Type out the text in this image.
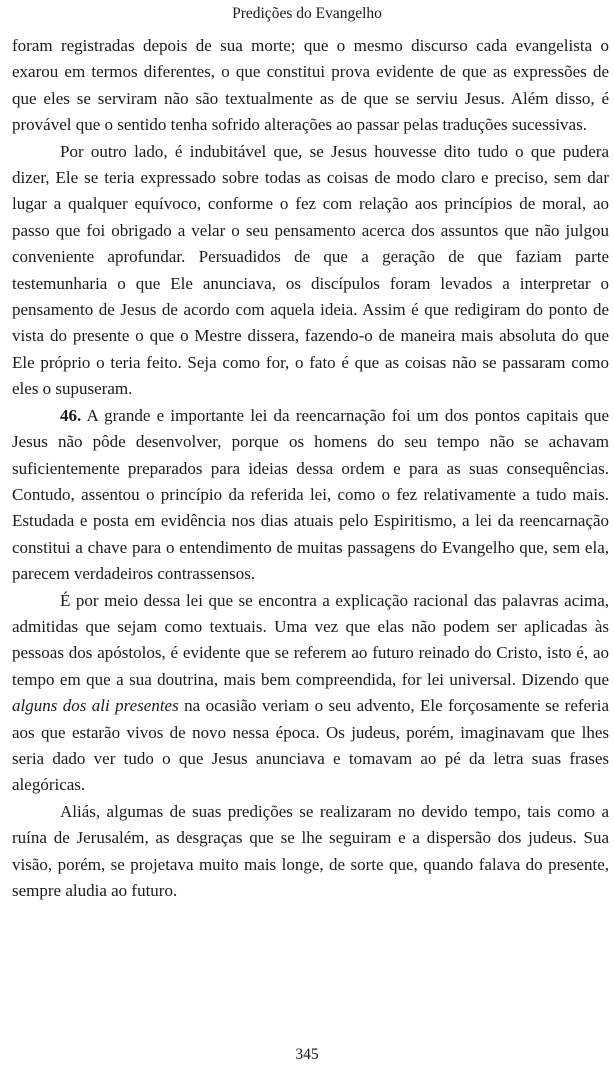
Predições do Evangelho

foram registradas depois de sua morte; que o mesmo discurso cada evangelista o exarou em termos diferentes, o que constitui prova evidente de que as expressões de que eles se serviram não são textualmente as de que se serviu Jesus. Além disso, é provável que o sentido tenha sofrido alterações ao passar pelas traduções sucessivas.

Por outro lado, é indubitável que, se Jesus houvesse dito tudo o que pudera dizer, Ele se teria expressado sobre todas as coisas de modo claro e preciso, sem dar lugar a qualquer equívoco, conforme o fez com relação aos princípios de moral, ao passo que foi obrigado a velar o seu pensamento acerca dos assuntos que não julgou conveniente aprofundar. Persuadidos de que a geração de que faziam parte testemunharia o que Ele anunciava, os discípulos foram levados a interpretar o pensamento de Jesus de acordo com aquela ideia. Assim é que redigiram do ponto de vista do presente o que o Mestre dissera, fazendo-o de maneira mais absoluta do que Ele próprio o teria feito. Seja como for, o fato é que as coisas não se passaram como eles o supuseram.

46. A grande e importante lei da reencarnação foi um dos pontos capitais que Jesus não pôde desenvolver, porque os homens do seu tempo não se achavam suficientemente preparados para ideias dessa ordem e para as suas consequências. Contudo, assentou o princípio da referida lei, como o fez relativamente a tudo mais. Estudada e posta em evidência nos dias atuais pelo Espiritismo, a lei da reencarnação constitui a chave para o entendimento de muitas passagens do Evangelho que, sem ela, parecem verdadeiros contrassensos.

É por meio dessa lei que se encontra a explicação racional das palavras acima, admitidas que sejam como textuais. Uma vez que elas não podem ser aplicadas às pessoas dos apóstolos, é evidente que se referem ao futuro reinado do Cristo, isto é, ao tempo em que a sua doutrina, mais bem compreendida, for lei universal. Dizendo que alguns dos ali presentes na ocasião veriam o seu advento, Ele forçosamente se referia aos que estarão vivos de novo nessa época. Os judeus, porém, imaginavam que lhes seria dado ver tudo o que Jesus anunciava e tomavam ao pé da letra suas frases alegóricas.

Aliás, algumas de suas predições se realizaram no devido tempo, tais como a ruína de Jerusalém, as desgraças que se lhe seguiram e a dispersão dos judeus. Sua visão, porém, se projetava muito mais longe, de sorte que, quando falava do presente, sempre aludia ao futuro.

345
